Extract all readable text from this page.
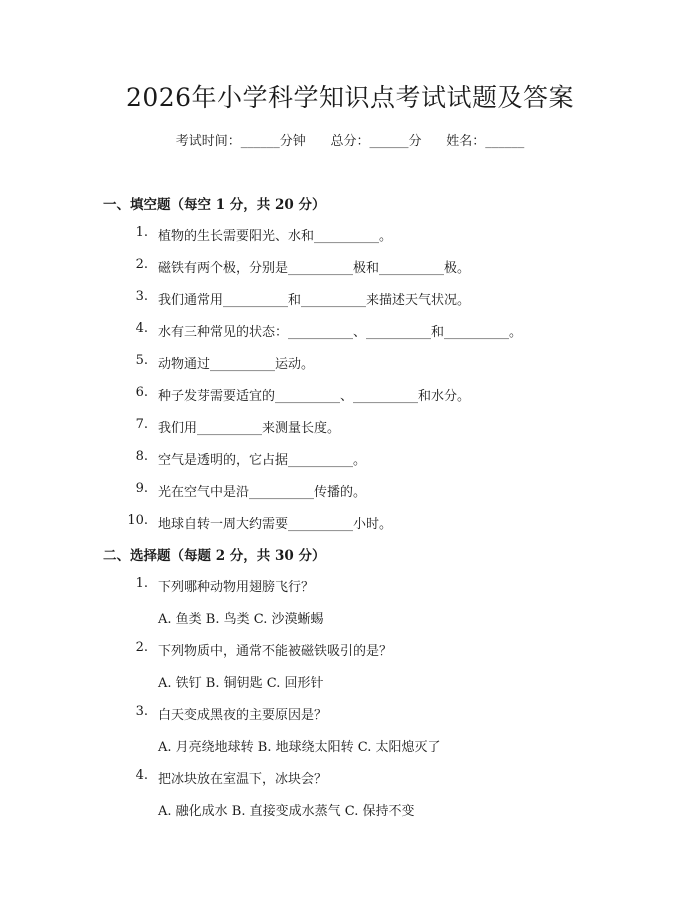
2026年小学科学知识点考试试题及答案
考试时间：______分钟      总分：______分      姓名：______
一、填空题（每空 1 分，共 20 分）
1. 植物的生长需要阳光、水和__________。
2. 磁铁有两个极，分别是__________极和__________极。
3. 我们通常用__________和__________来描述天气状况。
4. 水有三种常见的状态：__________、__________和__________。
5. 动物通过__________运动。
6. 种子发芽需要适宜的__________、__________和水分。
7. 我们用__________来测量长度。
8. 空气是透明的，它占据__________。
9. 光在空气中是沿__________传播的。
10. 地球自转一周大约需要__________小时。
二、选择题（每题 2 分，共 30 分）
1. 下列哪种动物用翅膀飞行？
A. 鱼类 B. 鸟类 C. 沙漠蜥蜴
2. 下列物质中，通常不能被磁铁吸引的是？
A. 铁钉 B. 铜钥匙 C. 回形针
3. 白天变成黑夜的主要原因是？
A. 月亮绕地球转 B. 地球绕太阳转 C. 太阳熄灭了
4. 把冰块放在室温下，冰块会？
A. 融化成水 B. 直接变成水蒸气 C. 保持不变
